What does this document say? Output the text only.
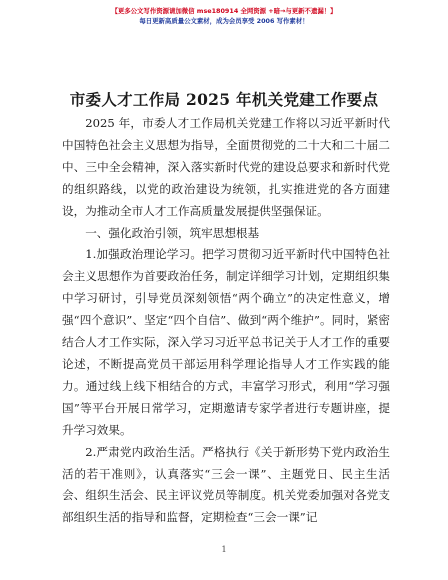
【更多公文写作资源请加微信 mse180914 全网资源 +暗→与更新不遗漏！】
每日更新高质量公文素材，成为会员享受 2006 写作素材！
市委人才工作局 2025 年机关党建工作要点

2025 年，市委人才工作局机关党建工作将以习近平新时代中国特色社会主义思想为指导，全面贯彻党的二十大和二十届二中、三中全会精神，深入落实新时代党的建设总要求和新时代党的组织路线，以党的政治建设为统领，扎实推进党的各方面建设，为推动全市人才工作高质量发展提供坚强保证。

一、强化政治引领，筑牢思想根基

1.加强政治理论学习。把学习贯彻习近平新时代中国特色社会主义思想作为首要政治任务，制定详细学习计划，定期组织集中学习研讨，引导党员深刻领悟“两个确立”的决定性意义，增强“四个意识”、坚定“四个自信”、做到“两个维护”。同时，紧密结合人才工作实际，深入学习习近平总书记关于人才工作的重要论述，不断提高党员干部运用科学理论指导人才工作实践的能力。通过线上线下相结合的方式，丰富学习形式，利用“学习强国”等平台开展日常学习，定期邀请专家学者进行专题讲座，提升学习效果。

2.严肃党内政治生活。严格执行《关于新形势下党内政治生活的若干准则》，认真落实“三会一课”、主题党日、民主生活会、组织生活会、民主评议党员等制度。机关党委加强对各党支部组织生活的指导和监督，定期检查“三会一课”记

1
